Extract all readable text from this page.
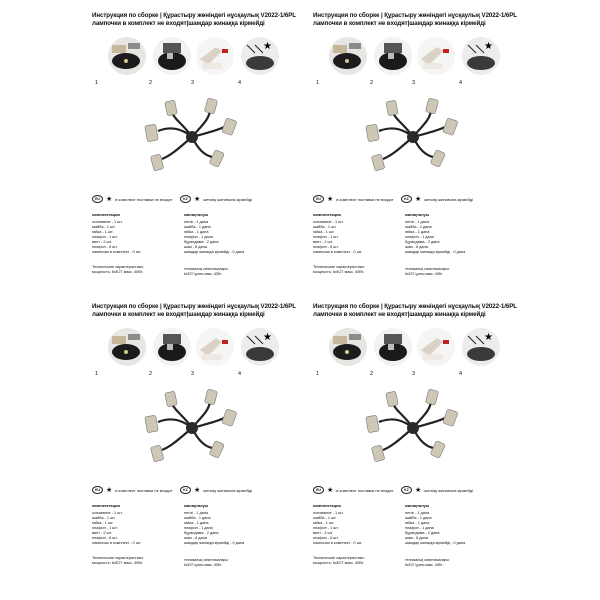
Инструкция по сборке | Құрастыру жөніндегі нұсқаулық V2022-1/6PL
лампочки в комплект не входят|шамдар жинаққа кірмейді
★
1	2	3	4
EU ★ в комплект поставки не входит	KZ ★ жеткізу жинағына кірмейді
комплектация
основание - 1 шт.
шайба - 1 шт.
гайка - 1 шт.
плафон - 1 шт.
винт - 2 шт.
плафон - 6 шт.
лампочки в комплект - 0 шт.
жинақталуы
негізі - 1 дана
шайба - 1 дана
гайка - 1 дана
плафон - 1 дана
бұрандама - 2 дана
шам - 6 дана
шамдар жинаққа кірмейді - 0 дана
Технические характеристики:
мощность: 6хE27 макс. 40Вт.
техникалық сипаттамалары:
6хE27 қуаты макс. 40Вт.
Инструкция по сборке | Құрастыру жөніндегі нұсқаулық V2022-1/6PL
лампочки в комплект не входят|шамдар жинаққа кірмейді
★
1	2	3	4
EU ★ в комплект поставки не входит	KZ ★ жеткізу жинағына кірмейді
комплектация
основание - 1 шт.
шайба - 1 шт.
гайка - 1 шт.
плафон - 1 шт.
винт - 2 шт.
плафон - 6 шт.
лампочки в комплект - 0 шт.
жинақталуы
негізі - 1 дана
шайба - 1 дана
гайка - 1 дана
плафон - 1 дана
бұрандама - 2 дана
шам - 6 дана
шамдар жинаққа кірмейді - 0 дана
Технические характеристики:
мощность: 6хE27 макс. 40Вт.
техникалық сипаттамалары:
6хE27 қуаты макс. 40Вт.
Инструкция по сборке | Құрастыру жөніндегі нұсқаулық V2022-1/6PL
лампочки в комплект не входят|шамдар жинаққа кірмейді
★
1	2	3	4
EU ★ в комплект поставки не входит	KZ ★ жеткізу жинағына кірмейді
комплектация
основание - 1 шт.
шайба - 1 шт.
гайка - 1 шт.
плафон - 1 шт.
винт - 2 шт.
плафон - 6 шт.
лампочки в комплект - 0 шт.
жинақталуы
негізі - 1 дана
шайба - 1 дана
гайка - 1 дана
плафон - 1 дана
бұрандама - 2 дана
шам - 6 дана
шамдар жинаққа кірмейді - 0 дана
Технические характеристики:
мощность: 6хE27 макс. 40Вт.
техникалық сипаттамалары:
6хE27 қуаты макс. 40Вт.
Инструкция по сборке | Құрастыру жөніндегі нұсқаулық V2022-1/6PL
лампочки в комплект не входят|шамдар жинаққа кірмейді
★
1	2	3	4
EU ★ в комплект поставки не входит	KZ ★ жеткізу жинағына кірмейді
комплектация
основание - 1 шт.
шайба - 1 шт.
гайка - 1 шт.
плафон - 1 шт.
винт - 2 шт.
плафон - 6 шт.
лампочки в комплект - 0 шт.
жинақталуы
негізі - 1 дана
шайба - 1 дана
гайка - 1 дана
плафон - 1 дана
бұрандама - 2 дана
шам - 6 дана
шамдар жинаққа кірмейді - 0 дана
Технические характеристики:
мощность: 6хE27 макс. 40Вт.
техникалық сипаттамалары:
6хE27 қуаты макс. 40Вт.
